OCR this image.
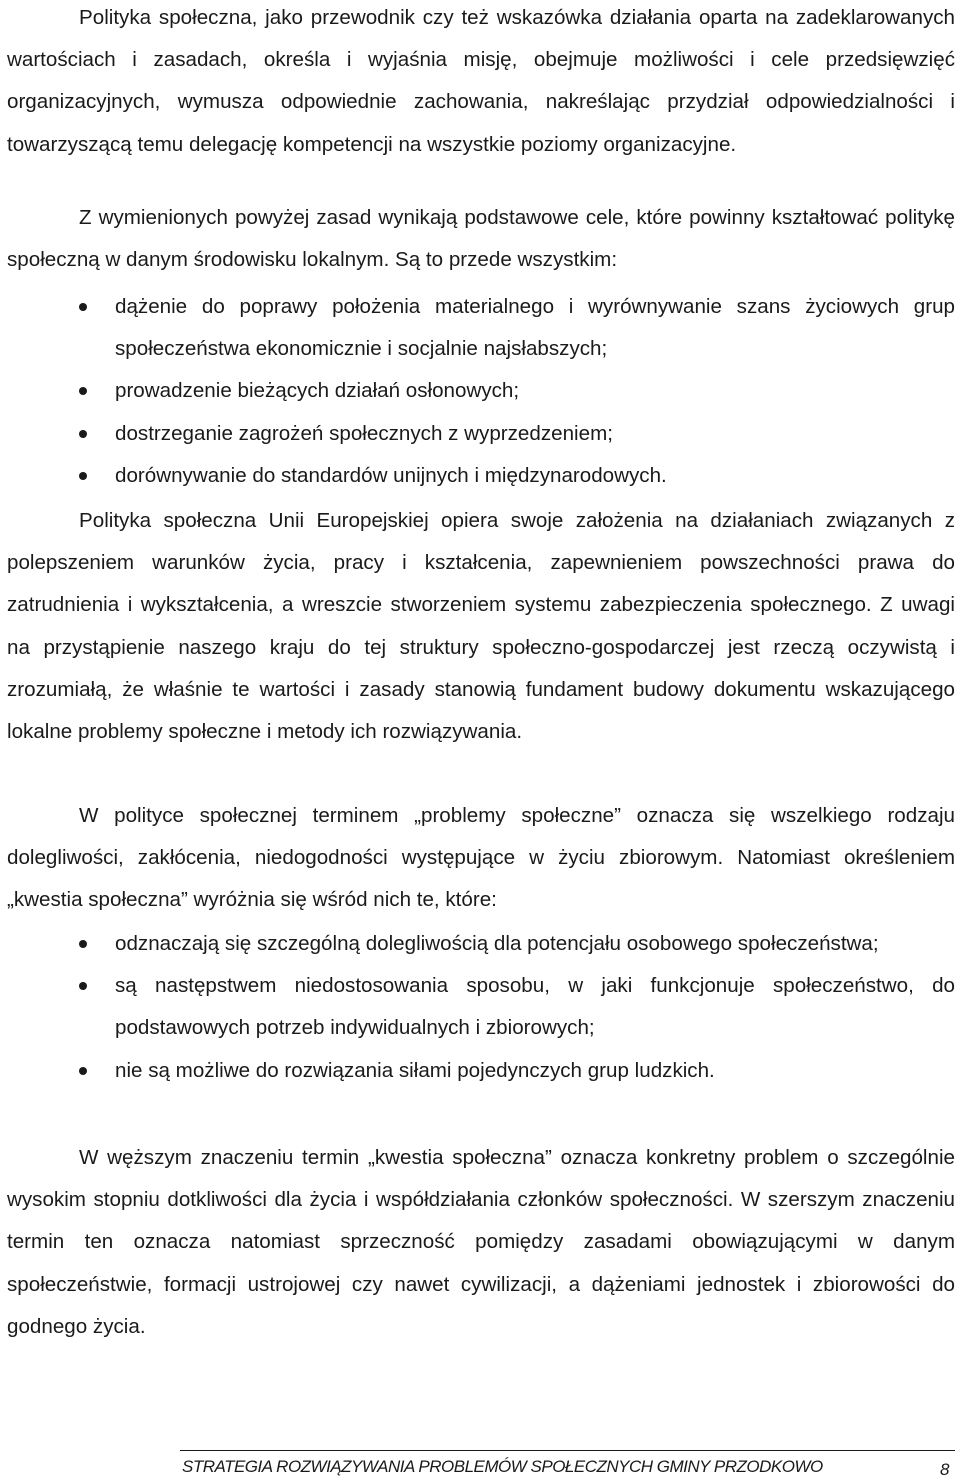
Polityka społeczna, jako przewodnik czy też wskazówka działania oparta na zadeklarowanych wartościach i zasadach, określa i wyjaśnia misję, obejmuje możliwości i cele przedsięwzięć organizacyjnych, wymusza odpowiednie zachowania, nakreślając przydział odpowiedzialności i towarzyszącą temu delegację kompetencji na wszystkie poziomy organizacyjne.

Z wymienionych powyżej zasad wynikają podstawowe cele, które powinny kształtować politykę społeczną w danym środowisku lokalnym. Są to przede wszystkim:

dążenie do poprawy położenia materialnego i wyrównywanie szans życiowych grup społeczeństwa ekonomicznie i socjalnie najsłabszych;
prowadzenie bieżących działań osłonowych;
dostrzeganie zagrożeń społecznych z wyprzedzeniem;
dorównywanie do standardów unijnych i międzynarodowych.

Polityka społeczna Unii Europejskiej opiera swoje założenia na działaniach związanych z polepszeniem warunków życia, pracy i kształcenia, zapewnieniem powszechności prawa do zatrudnienia i wykształcenia, a wreszcie stworzeniem systemu zabezpieczenia społecznego. Z uwagi na przystąpienie naszego kraju do tej struktury społeczno-gospodarczej jest rzeczą oczywistą i zrozumiałą, że właśnie te wartości i zasady stanowią fundament budowy dokumentu wskazującego lokalne problemy społeczne i metody ich rozwiązywania.

W polityce społecznej terminem „problemy społeczne” oznacza się wszelkiego rodzaju dolegliwości, zakłócenia, niedogodności występujące w życiu zbiorowym. Natomiast określeniem „kwestia społeczna” wyróżnia się wśród nich te, które:

odznaczają się szczególną dolegliwością dla potencjału osobowego społeczeństwa;
są następstwem niedostosowania sposobu, w jaki funkcjonuje społeczeństwo, do podstawowych potrzeb indywidualnych i zbiorowych;
nie są możliwe do rozwiązania siłami pojedynczych grup ludzkich.

W węższym znaczeniu termin „kwestia społeczna” oznacza konkretny problem o szczególnie wysokim stopniu dotkliwości dla życia i współdziałania członków społeczności. W szerszym znaczeniu termin ten oznacza natomiast sprzeczność pomiędzy zasadami obowiązującymi w danym społeczeństwie, formacji ustrojowej czy nawet cywilizacji, a dążeniami jednostek i zbiorowości do godnego życia.

STRATEGIA ROZWIĄZYWANIA PROBLEMÓW SPOŁECZNYCH GMINY PRZODKOWO	8
